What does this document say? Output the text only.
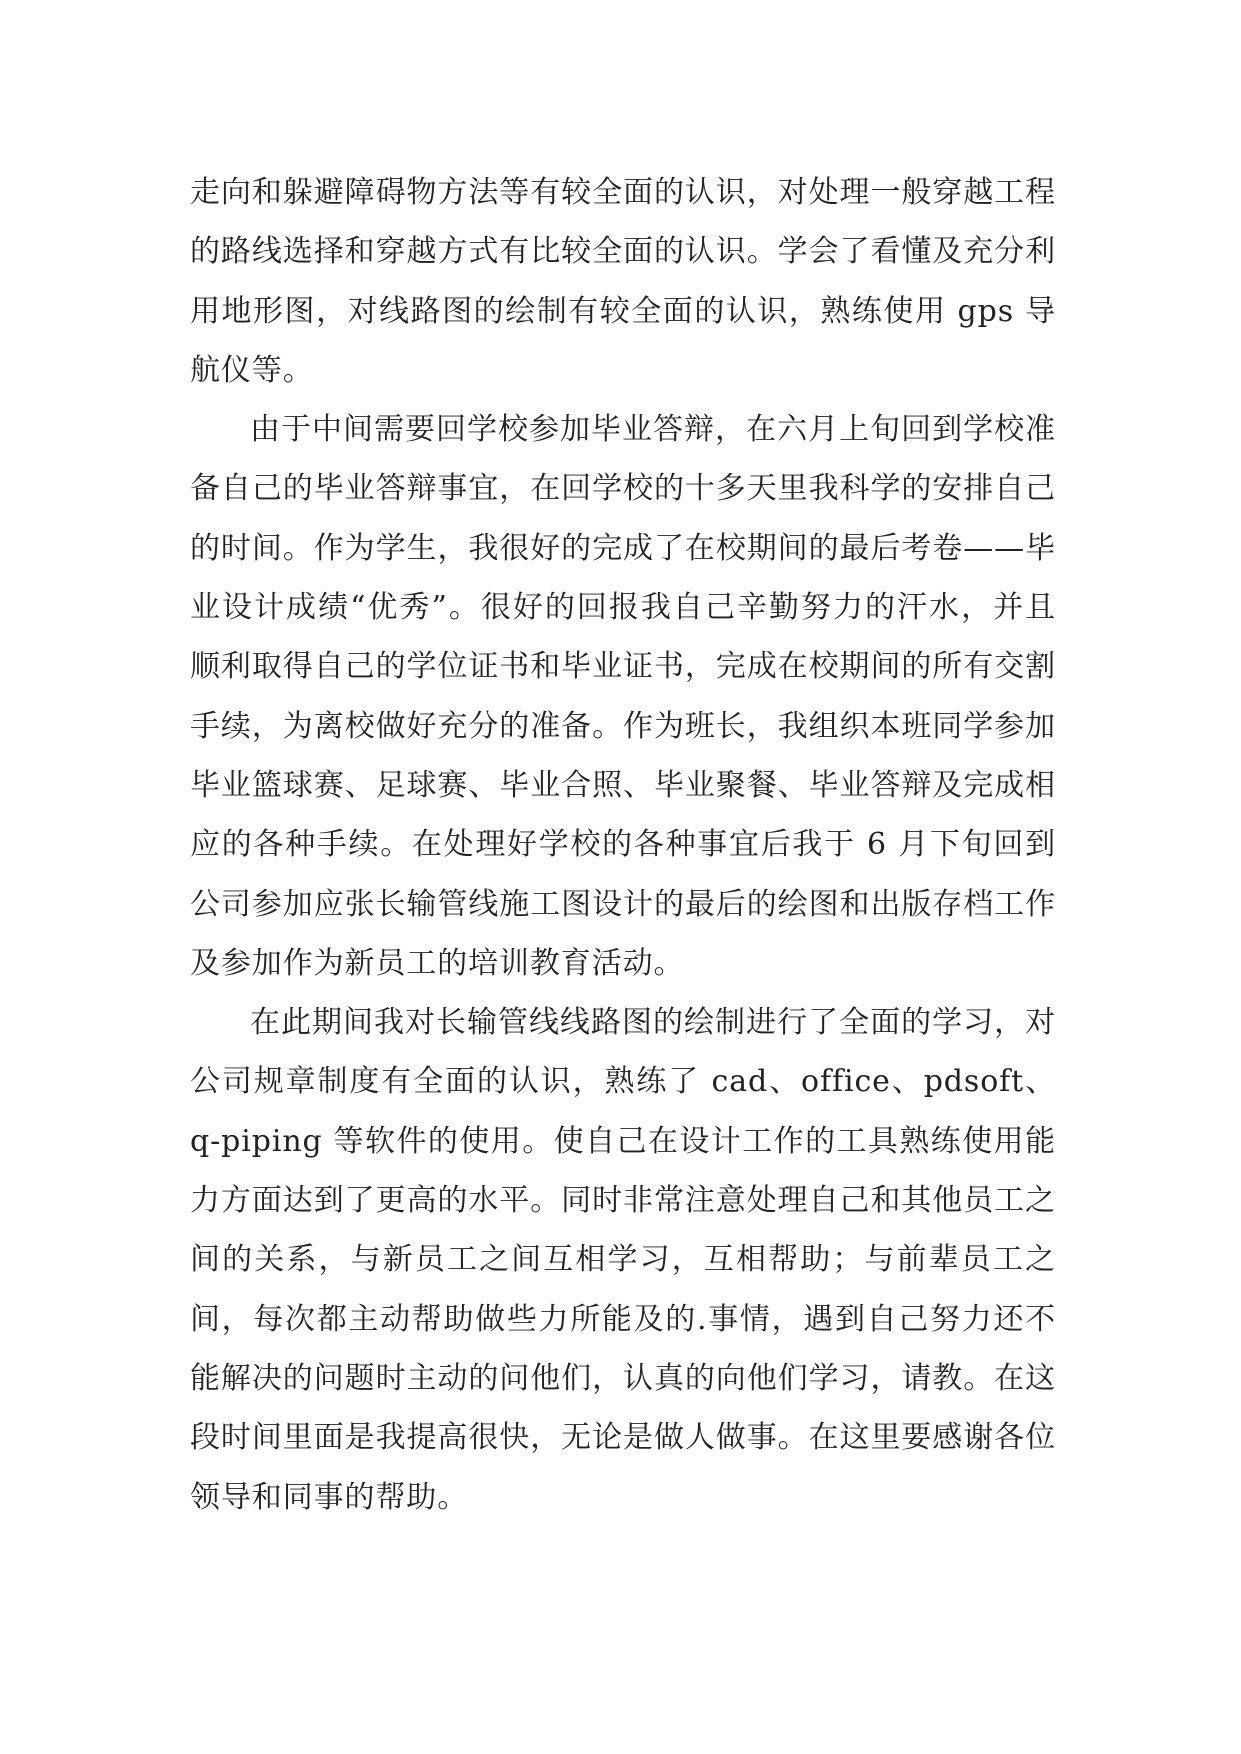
走向和躲避障碍物方法等有较全面的认识，对处理一般穿越工程的路线选择和穿越方式有比较全面的认识。学会了看懂及充分利用地形图，对线路图的绘制有较全面的认识，熟练使用 gps 导航仪等。

由于中间需要回学校参加毕业答辩，在六月上旬回到学校准备自己的毕业答辩事宜，在回学校的十多天里我科学的安排自己的时间。作为学生，我很好的完成了在校期间的最后考卷——毕业设计成绩“优秀”。很好的回报我自己辛勤努力的汗水，并且顺利取得自己的学位证书和毕业证书，完成在校期间的所有交割手续，为离校做好充分的准备。作为班长，我组织本班同学参加毕业篮球赛、足球赛、毕业合照、毕业聚餐、毕业答辩及完成相应的各种手续。在处理好学校的各种事宜后我于 6 月下旬回到公司参加应张长输管线施工图设计的最后的绘图和出版存档工作及参加作为新员工的培训教育活动。

在此期间我对长输管线线路图的绘制进行了全面的学习，对公司规章制度有全面的认识，熟练了 cad、office、pdsoft、q-piping 等软件的使用。使自己在设计工作的工具熟练使用能力方面达到了更高的水平。同时非常注意处理自己和其他员工之间的关系，与新员工之间互相学习，互相帮助；与前辈员工之间，每次都主动帮助做些力所能及的.事情，遇到自己努力还不能解决的问题时主动的问他们，认真的向他们学习，请教。在这段时间里面是我提高很快，无论是做人做事。在这里要感谢各位领导和同事的帮助。
